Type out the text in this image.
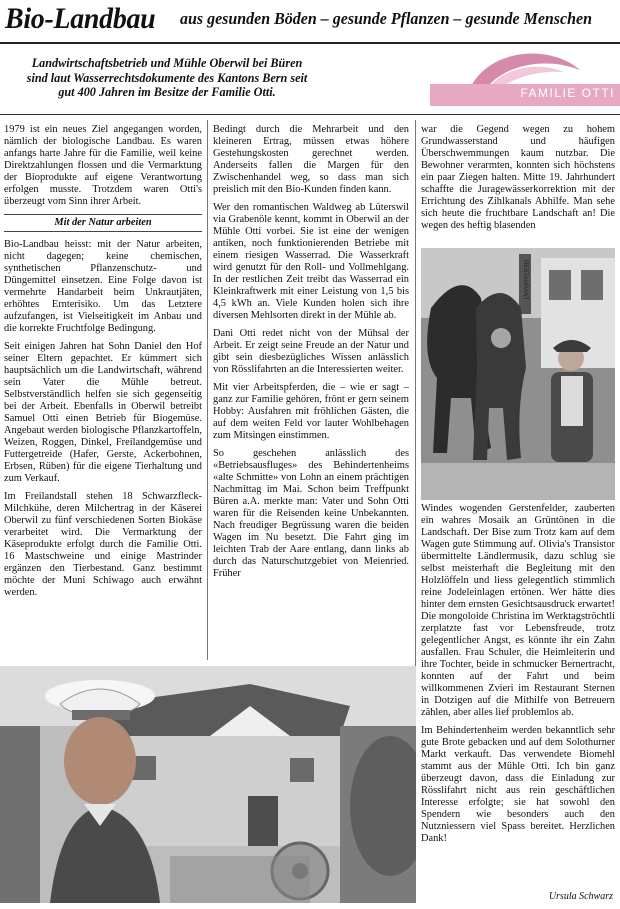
Bio-Landbau aus gesunden Böden – gesunde Pflanzen – gesunde Menschen
Landwirtschaftsbetrieb und Mühle Oberwil bei Büren sind laut Wasserrechtsdokumente des Kantons Bern seit gut 400 Jahren im Besitze der Familie Otti.	FAMILIE OTTI

1979 ist ein neues Ziel angegangen worden, nämlich der biologische Landbau. Es waren anfangs harte Jahre für die Familie, weil keine Direktzahlungen flossen und die Vermarktung der Bioprodukte auf eigene Verantwortung erfolgen musste. Trotzdem waren Otti's überzeugt vom Sinn ihrer Arbeit.

Mit der Natur arbeiten

Bio-Landbau heisst: mit der Natur arbeiten, nicht dagegen; keine chemischen, synthetischen Pflanzenschutz- und Düngemittel einsetzen. Eine Folge davon ist vermehrte Handarbeit beim Unkrautjäten, erhöhtes Ernterisiko. Um das Letztere aufzufangen, ist Vielseitigkeit im Anbau und die korrekte Fruchtfolge Bedingung.

Seit einigen Jahren hat Sohn Daniel den Hof seiner Eltern gepachtet. Er kümmert sich hauptsächlich um die Landwirtschaft, während sein Vater die Mühle betreut. Selbstverständlich helfen sie sich gegenseitig bei der Arbeit. Ebenfalls in Oberwil betreibt Samuel Otti einen Betrieb für Biogemüse. Angebaut werden biologische Pflanzkartoffeln, Weizen, Roggen, Dinkel, Freilandgemüse und Futtergetreide (Hafer, Gerste, Ackerbohnen, Erbsen, Rüben) für die eigene Tierhaltung und zum Verkauf.

Im Freilandstall stehen 18 Schwarzfleck-Milchkühe, deren Milchertrag in der Käserei Oberwil zu fünf verschiedenen Sorten Biokäse verarbeitet wird. Die Vermarktung der Käseprodukte erfolgt durch die Familie Otti. 16 Mastschweine und einige Mastrinder ergänzen den Tierbestand. Ganz bestimmt möchte der Muni Schiwago auch erwähnt werden.

Bedingt durch die Mehrarbeit und den kleineren Ertrag, müssen etwas höhere Gestehungskosten gerechnet werden. Anderseits fallen die Margen für den Zwischenhandel weg, so dass man sich preislich mit den Bio-Kunden finden kann.

Wer den romantischen Waldweg ab Lüterswil via Grabenöle kennt, kommt in Oberwil an der Mühle Otti vorbei. Sie ist eine der wenigen antiken, noch funktionierenden Betriebe mit einem riesigen Wasserrad. Die Wasserkraft wird genutzt für den Roll- und Vollmehlgang. In der restlichen Zeit treibt das Wasserrad ein Kleinkraftwerk mit einer Leistung von 1,5 bis 4,5 kWh an. Viele Kunden holen sich ihre diversen Mehlsorten direkt in der Mühle ab.

Dani Otti redet nicht von der Mühsal der Arbeit. Er zeigt seine Freude an der Natur und gibt sein diesbezügliches Wissen anlässlich von Rösslifahrten an die Interessierten weiter.

Mit vier Arbeitspferden, die – wie er sagt – ganz zur Familie gehören, frönt er gern seinem Hobby: Ausfahren mit fröhlichen Gästen, die auf dem weiten Feld vor lauter Wohlbehagen zum Mitsingen einstimmen.

So geschehen anlässlich des «Betriebsausfluges» des Behindertenheims «alte Schmitte» von Lohn an einem prächtigen Nachmittag im Mai. Schon beim Treffpunkt Büren a.A. merkte man: Vater und Sohn Otti waren für die Reisenden keine Unbekannten. Nach freudiger Begrüssung waren die beiden Wagen im Nu besetzt. Die Fahrt ging im leichten Trab der Aare entlang, dann links ab durch das Naturschutzgebiet von Meienried. Früher

war die Gegend wegen zu hohem Grundwasserstand und häufigen Überschwemmungen kaum nutzbar. Die Bewohner verarmten, konnten sich höchstens ein paar Ziegen halten. Mitte 19. Jahrhundert schaffte die Juragewässerkorrektion mit der Errichtung des Zihlkanals Abhilfe. Man sehe sich heute die fruchtbare Landschaft an! Die wegen des heftig blasenden

RESTAURANT

Windes wogenden Gerstenfelder, zauberten ein wahres Mosaik an Grüntönen in die Landschaft. Der Bise zum Trotz kam auf dem Wagen gute Stimmung auf. Olivia's Transistor übermittelte Ländlermusik, dazu schlug sie selbst meisterhaft die Begleitung mit den Holzlöffeln und liess gelegentlich stimmlich reine Jodeleinlagen ertönen. Wer hätte dies hinter dem ernsten Gesichtsausdruck erwartet! Die mongoloide Christina im Werktagströchtli zerplatzte fast vor Lebensfreude, trotz gelegentlicher Angst, es könnte ihr ein Zahn ausfallen. Frau Schuler, die Heimleiterin und ihre Tochter, beide in schmucker Bernertracht, konnten auf der Fahrt und beim willkommenen Zvieri im Restaurant Sternen in Dotzigen auf die Mithilfe von Betreuern zählen, aber alles lief problemlos ab.

Im Behindertenheim werden bekanntlich sehr gute Brote gebacken und auf dem Solothurner Markt verkauft. Das verwendete Biomehl stammt aus der Mühle Otti. Ich bin ganz überzeugt davon, dass die Einladung zur Rösslifahrt nicht aus rein geschäftlichen Interesse erfolgte; sie hat sowohl den Spendern wie besonders auch den Nutzniessern viel Spass bereitet. Herzlichen Dank!

Ursula Schwarz
